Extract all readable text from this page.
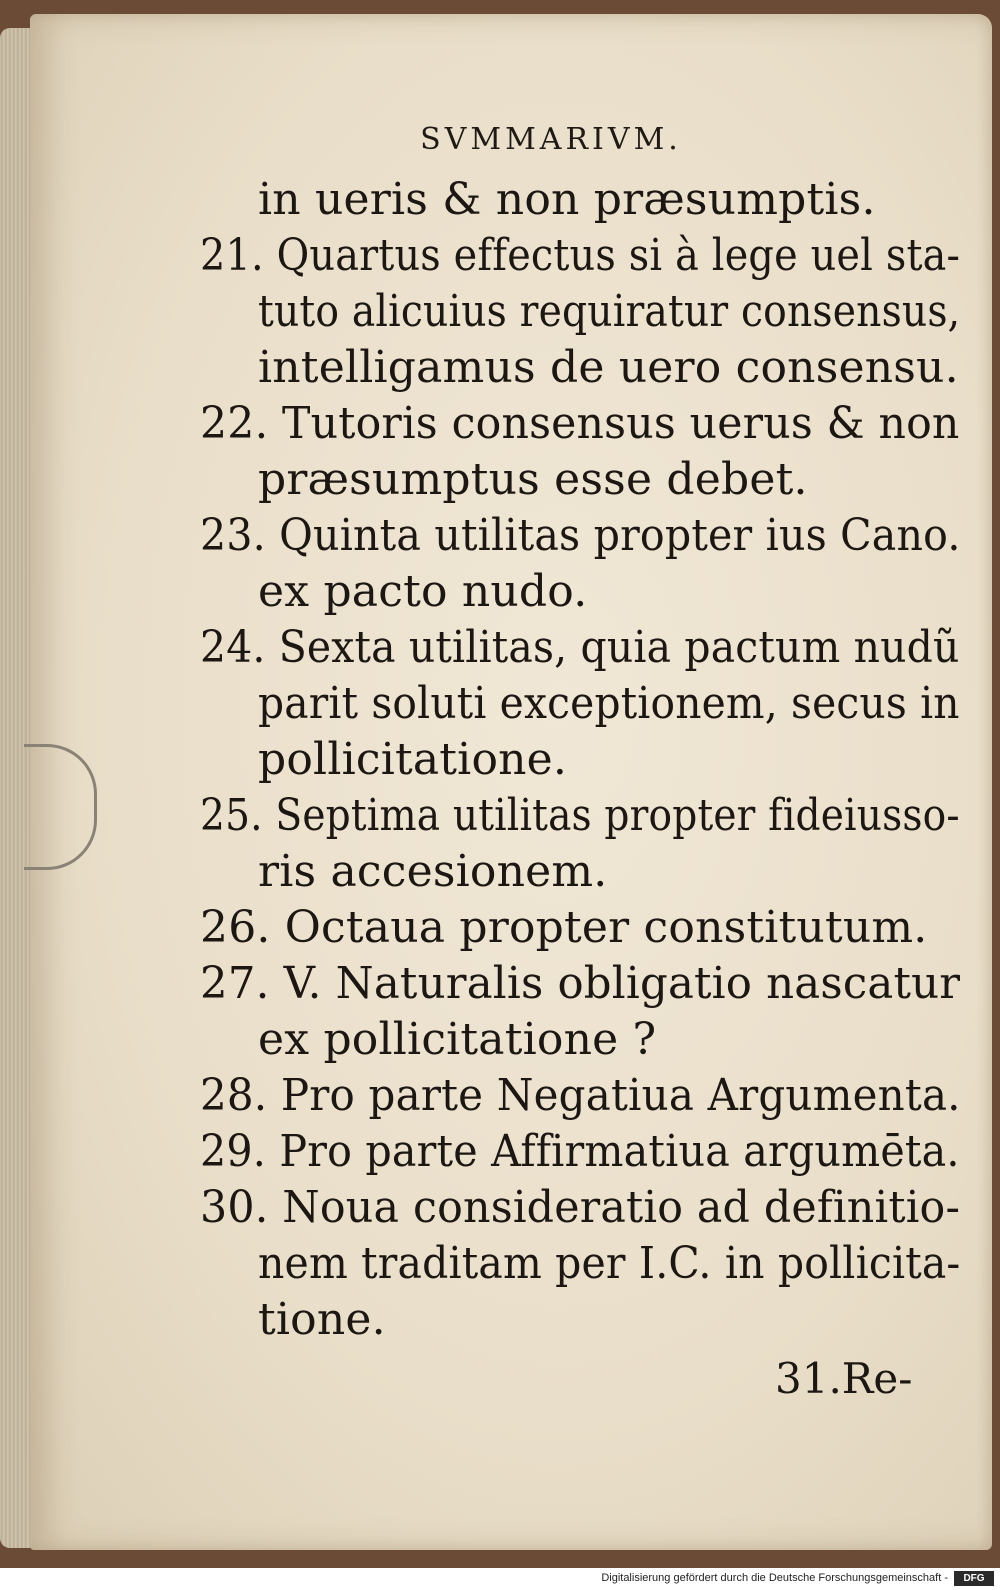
SVMMARIVM.
in ueris & non præsumptis.
21. Quartus effectus si à lege uel sta-
tuto alicuius requiratur consensus,
intelligamus de uero consensu.
22. Tutoris consensus uerus & non
præsumptus esse debet.
23. Quinta utilitas propter ius Cano.
ex pacto nudo.
24. Sexta utilitas, quia pactum nudũ
parit soluti exceptionem, secus in
pollicitatione.
25. Septima utilitas propter fideiusso-
ris accesionem.
26. Octaua propter constitutum.
27. V. Naturalis obligatio nascatur
ex pollicitatione ?
28. Pro parte Negatiua Argumenta.
29. Pro parte Affirmatiua argumēta.
30. Noua consideratio ad definitio-
nem traditam per I.C. in pollicita-
tione.
31.Re-
Digitalisierung gefördert durch die Deutsche Forschungsgemeinschaft -	DFG
